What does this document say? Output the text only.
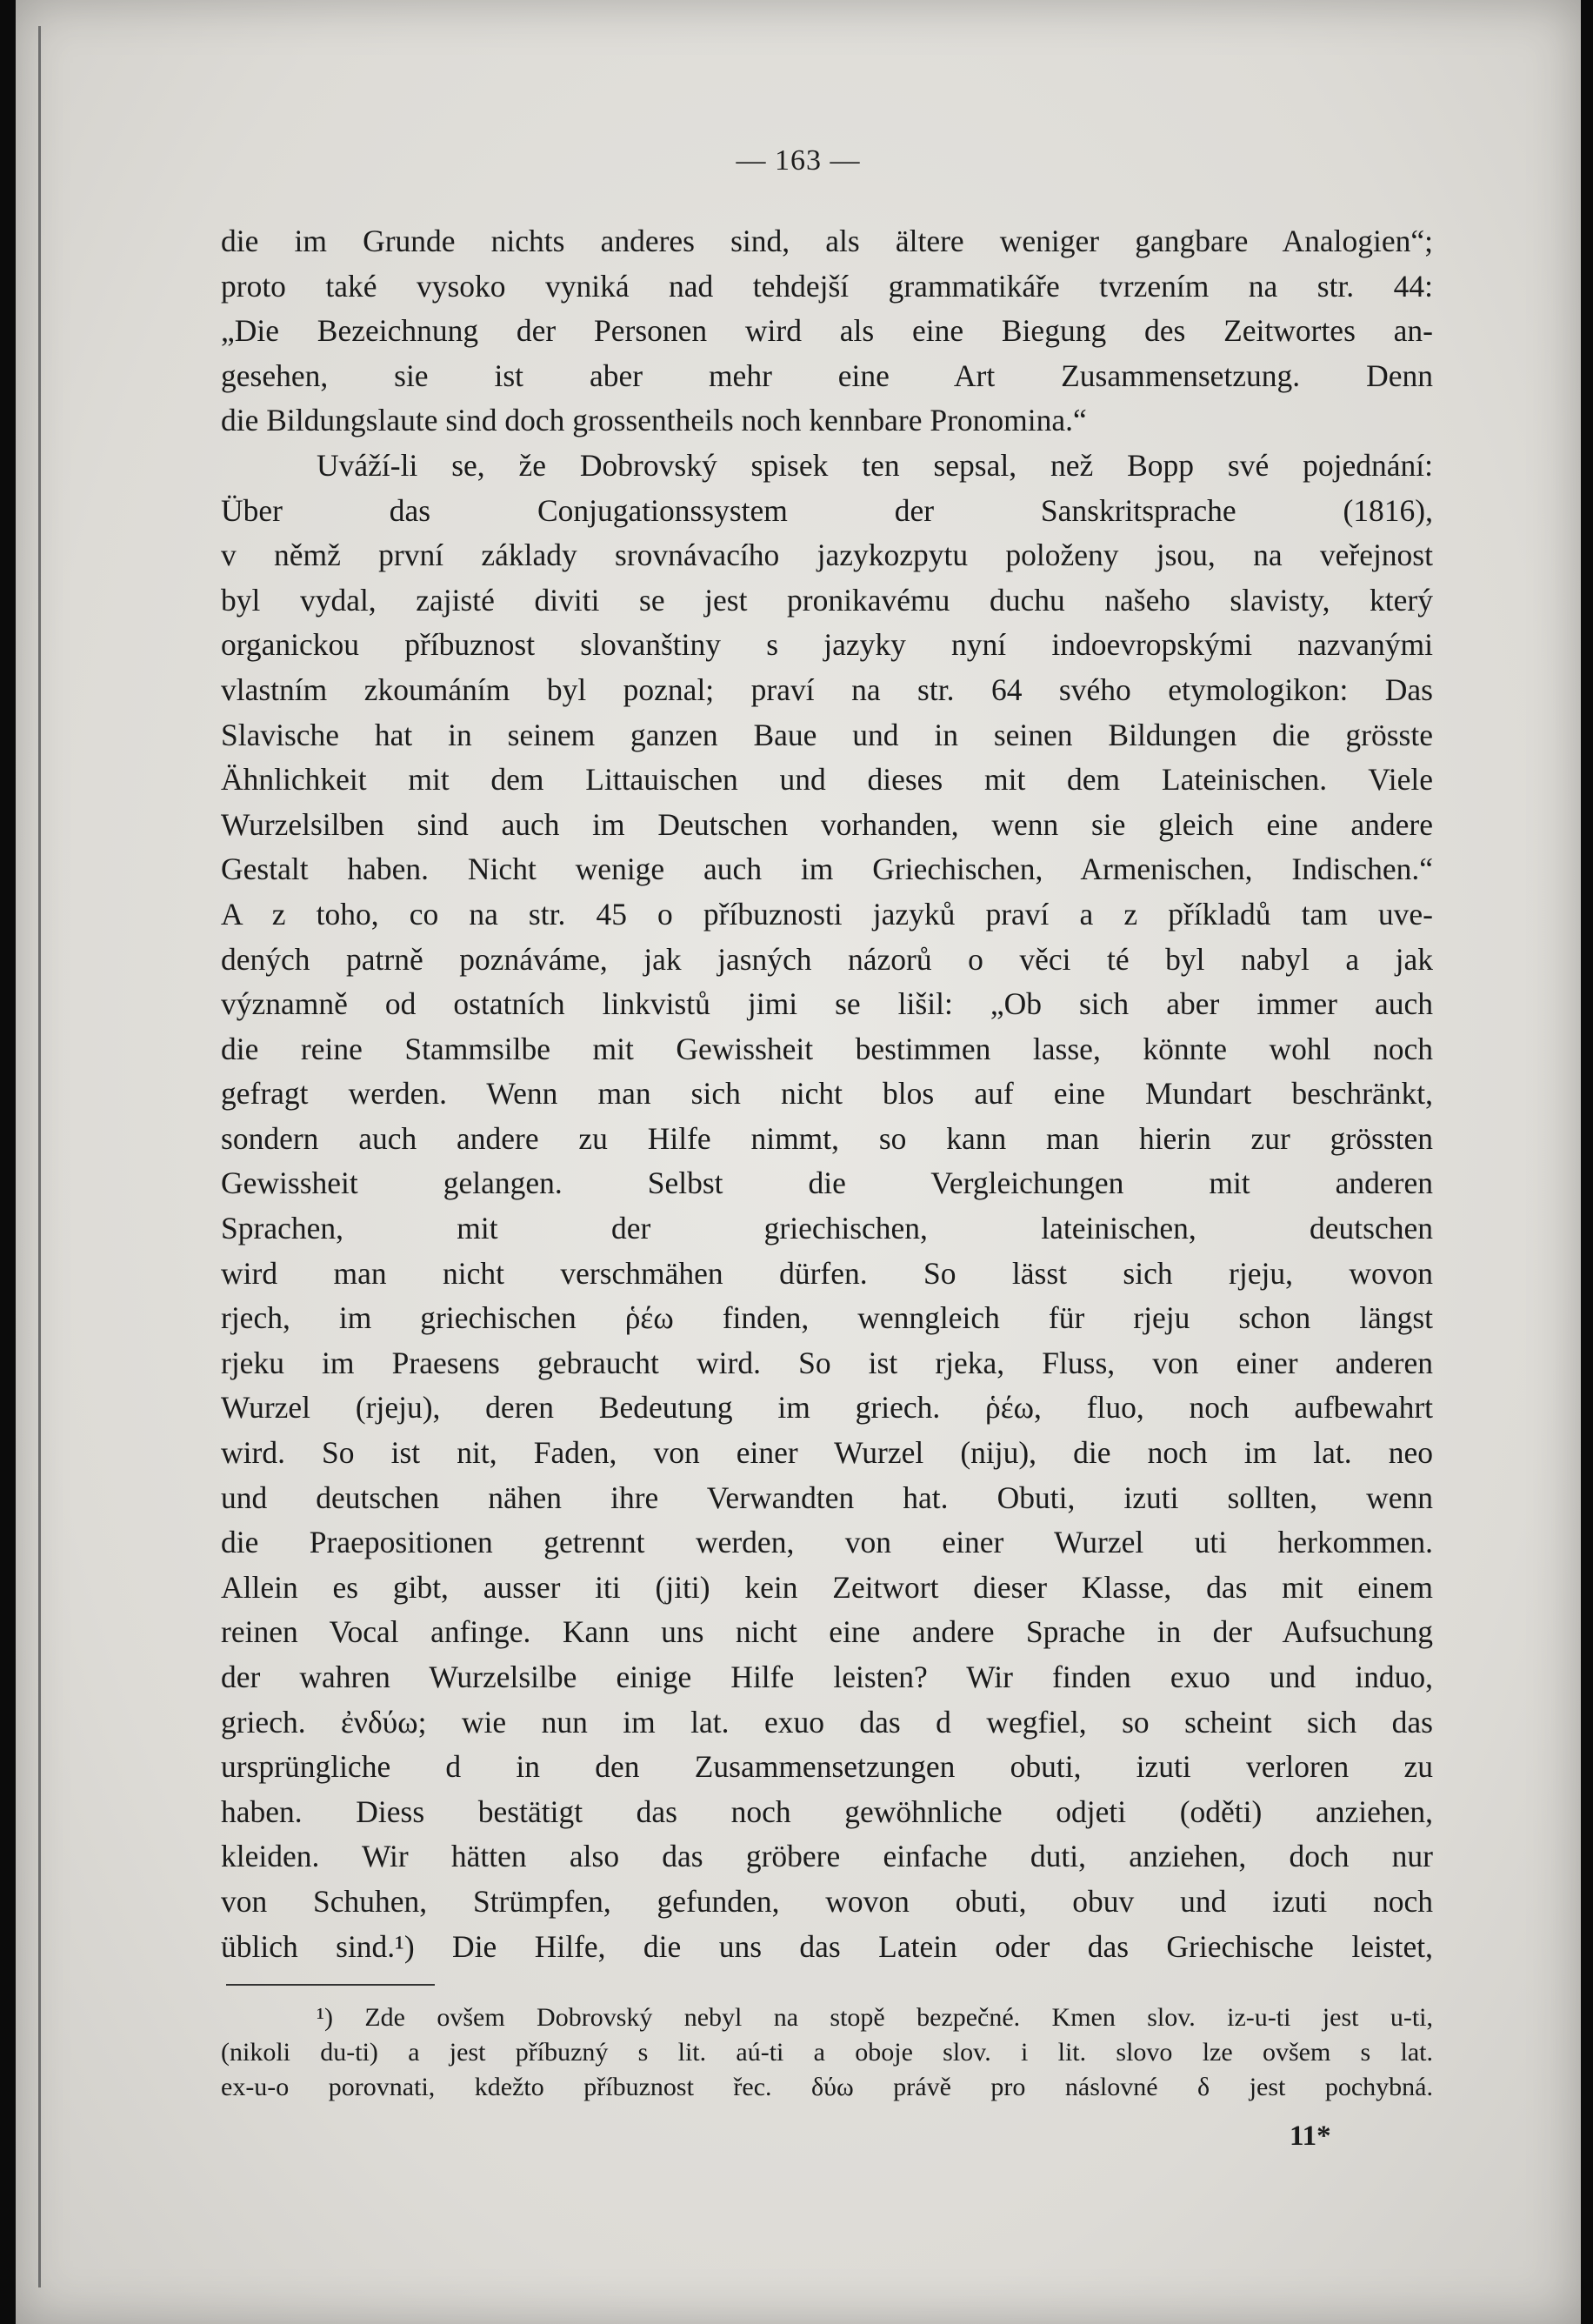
— 163 —
die im Grunde nichts anderes sind, als ältere weniger gangbare Analogien“;
proto také vysoko vyniká nad tehdejší grammatikáře tvrzením na str. 44:
„Die Bezeichnung der Personen wird als eine Biegung des Zeitwortes an-
gesehen, sie ist aber mehr eine Art Zusammensetzung. Denn
die Bildungslaute sind doch grossentheils noch kennbare Pronomina.“
Uváží-li se, že Dobrovský spisek ten sepsal, než Bopp své pojednání:
Über das Conjugationssystem der Sanskritsprache (1816),
v němž první základy srovnávacího jazykozpytu položeny jsou, na veřejnost
byl vydal, zajisté diviti se jest pronikavému duchu našeho slavisty, který
organickou příbuznost slovanštiny s jazyky nyní indoevropskými nazvanými
vlastním zkoumáním byl poznal; praví na str. 64 svého etymologikon: Das
Slavische hat in seinem ganzen Baue und in seinen Bildungen die grösste
Ähnlichkeit mit dem Littauischen und dieses mit dem Lateinischen. Viele
Wurzelsilben sind auch im Deutschen vorhanden, wenn sie gleich eine andere
Gestalt haben. Nicht wenige auch im Griechischen, Armenischen, Indischen.“
A z toho, co na str. 45 o příbuznosti jazyků praví a z příkladů tam uve-
dených patrně poznáváme, jak jasných názorů o věci té byl nabyl a jak
významně od ostatních linkvistů jimi se lišil: „Ob sich aber immer auch
die reine Stammsilbe mit Gewissheit bestimmen lasse, könnte wohl noch
gefragt werden. Wenn man sich nicht blos auf eine Mundart beschränkt,
sondern auch andere zu Hilfe nimmt, so kann man hierin zur grössten
Gewissheit gelangen. Selbst die Vergleichungen mit anderen
Sprachen, mit der griechischen, lateinischen, deutschen
wird man nicht verschmähen dürfen. So lässt sich rjeju, wovon
rjech, im griechischen ῥέω finden, wenngleich für rjeju schon längst
rjeku im Praesens gebraucht wird. So ist rjeka, Fluss, von einer anderen
Wurzel (rjeju), deren Bedeutung im griech. ῥέω, fluo, noch aufbewahrt
wird. So ist nit, Faden, von einer Wurzel (niju), die noch im lat. neo
und deutschen nähen ihre Verwandten hat. Obuti, izuti sollten, wenn
die Praepositionen getrennt werden, von einer Wurzel uti herkommen.
Allein es gibt, ausser iti (jiti) kein Zeitwort dieser Klasse, das mit einem
reinen Vocal anfinge. Kann uns nicht eine andere Sprache in der Aufsuchung
der wahren Wurzelsilbe einige Hilfe leisten? Wir finden exuo und induo,
griech. ἐνδύω; wie nun im lat. exuo das d wegfiel, so scheint sich das
ursprüngliche d in den Zusammensetzungen obuti, izuti verloren zu
haben. Diess bestätigt das noch gewöhnliche odjeti (oděti) anziehen,
kleiden. Wir hätten also das gröbere einfache duti, anziehen, doch nur
von Schuhen, Strümpfen, gefunden, wovon obuti, obuv und izuti noch
üblich sind.¹) Die Hilfe, die uns das Latein oder das Griechische leistet,
¹) Zde ovšem Dobrovský nebyl na stopě bezpečné. Kmen slov. iz-u-ti jest u-ti,
(nikoli du-ti) a jest příbuzný s lit. aú-ti a oboje slov. i lit. slovo lze ovšem s lat.
ex-u-o porovnati, kdežto příbuznost řec. δύω právě pro náslovné δ jest pochybná.
11*
